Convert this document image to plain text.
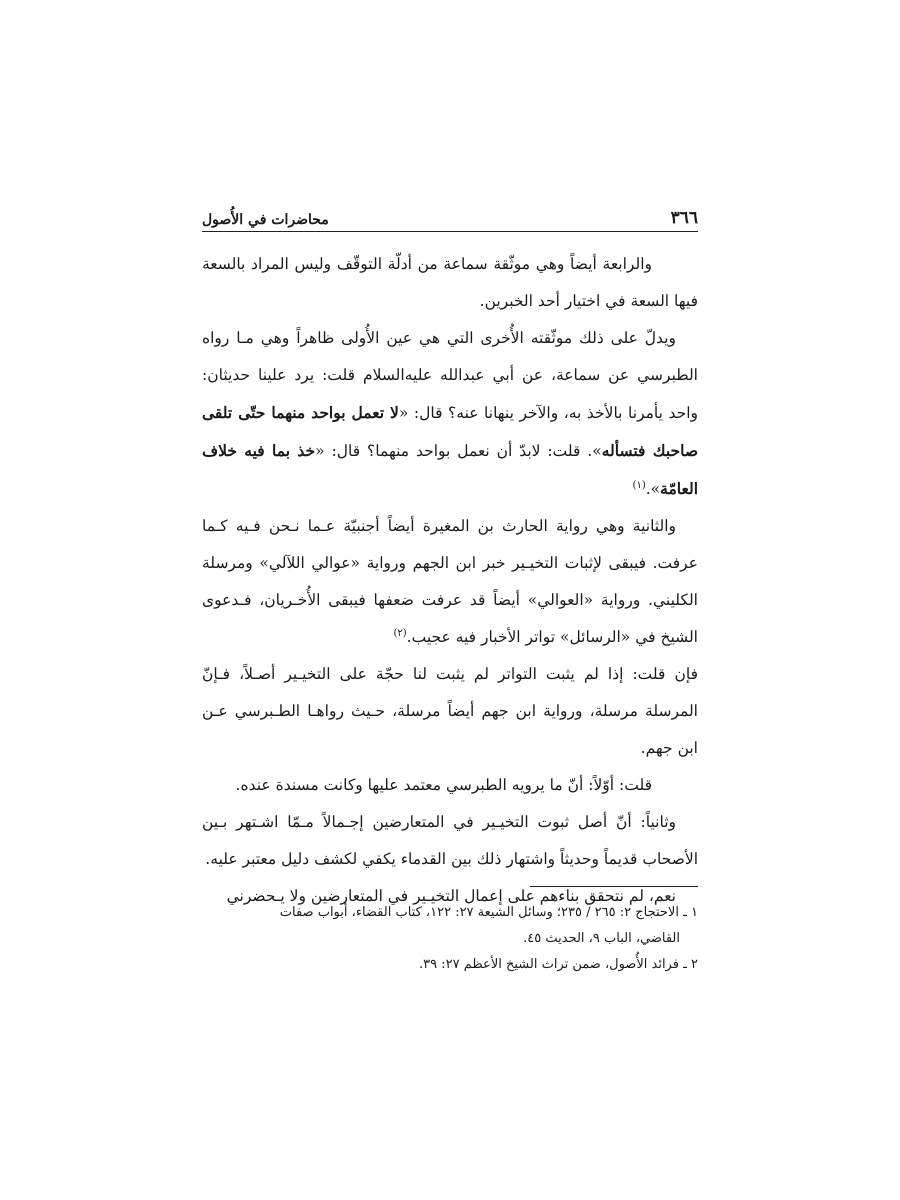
٣٦٦
محاضرات في الأُصول

والرابعة أيضاً وهي موثّقة سماعة من أدلّة التوقّف وليس المراد بالسعة فيها السعة في اختيار أحد الخبرين.

ويدلّ على ذلك موثّقته الأُخرى التي هي عين الأُولى ظاهراً وهي مـا رواه الطبرسي عن سماعة، عن أبي عبدالله عليه‌السلام قلت: يرد علينا حديثان: واحد يأمرنا بالأخذ به، والآخر ينهانا عنه؟ قال: «لا تعمل بواحد منهما حتّى تلقى صاحبك فتسأله». قلت: لابدّ أن نعمل بواحد منهما؟ قال: «خذ بما فيه خلاف العامّة».$^{(١)}$

والثانية وهي رواية الحارث بن المغيرة أيضاً أجنبيّة عـما نـحن فـيه كـما عرفت. فيبقى لإثبات التخيـير خبر ابن الجهم ورواية «عوالي اللآلي» ومرسلة الكليني. ورواية «العوالي» أيضاً قد عرفت ضعفها فيبقى الأُخـريان، فـدعوى الشيخ في «الرسائل» تواتر الأخبار فيه عجيب.$^{(٢)}$

فإن قلت: إذا لم يثبت التواتر لم يثبت لنا حجّة على التخيـير أصـلاً، فـإنّ المرسلة مرسلة، ورواية ابن جهم أيضاً مرسلة، حـيث رواهـا الطـبرسي عـن ابن جهم.

قلت: أوّلاً: أنّ ما يرويه الطبرسي معتمد عليها وكانت مسندة عنده.

وثانياً: أنّ أصل ثبوت التخيـير في المتعارضين إجـمالاً مـمّا اشـتهر بـين الأصحاب قديماً وحديثاً واشتهار ذلك بين القدماء يكفي لكشف دليل معتبر عليه.

نعم، لم نتحقق بناءهم على إعمال التخيـير في المتعارضين ولا يـحضرني

١ ـ الاحتجاج ٢: ٢٦٥ / ٢٣٥؛ وسائل الشيعة ٢٧: ١٢٢، كتاب القضاء، أبواب صفات

القاضي، الباب ٩، الحديث ٤٥.

٢ ـ فرائد الأُصول، ضمن تراث الشيخ الأعظم ٢٧: ٣٩.
